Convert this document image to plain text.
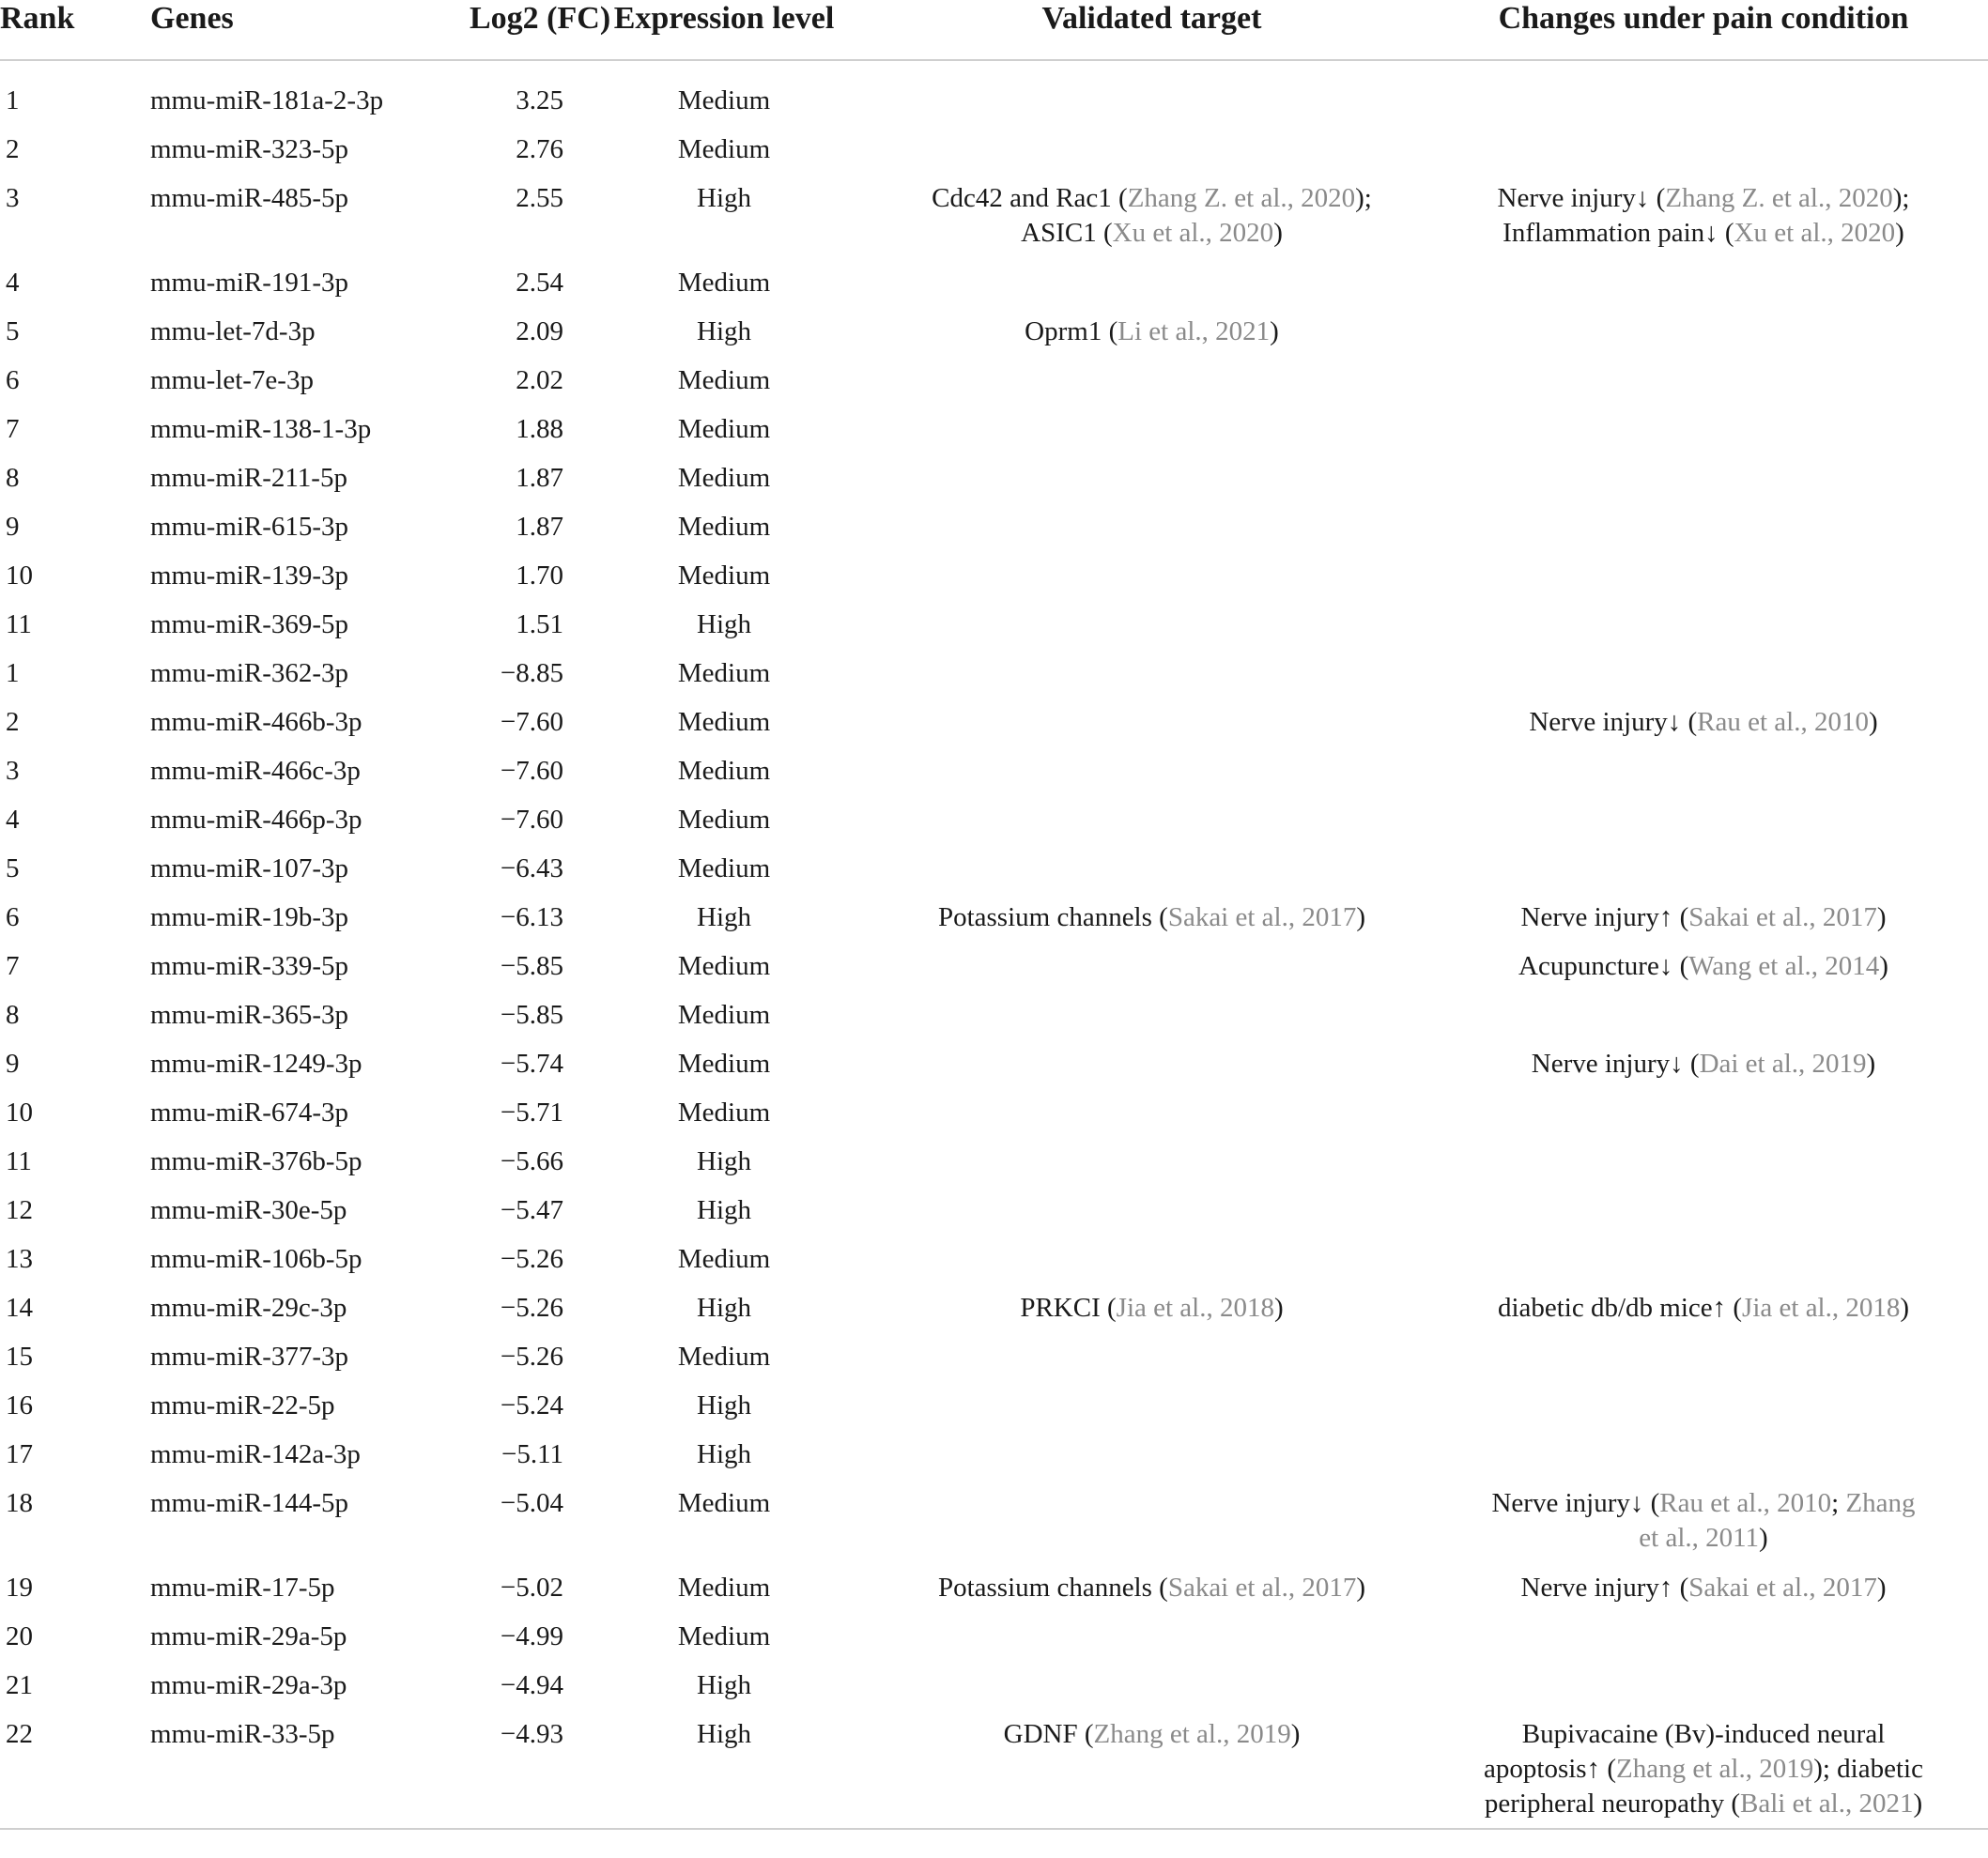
Rank	Genes	Log2 (FC)	Expression level	Validated target	Changes under pain condition
1	mmu-miR-181a-2-3p	3.25	Medium		
2	mmu-miR-323-5p	2.76	Medium		
3	mmu-miR-485-5p	2.55	High	Cdc42 and Rac1 (Zhang Z. et al., 2020);
ASIC1 (Xu et al., 2020)	Nerve injury↓ (Zhang Z. et al., 2020);
Inflammation pain↓ (Xu et al., 2020)
4	mmu-miR-191-3p	2.54	Medium		
5	mmu-let-7d-3p	2.09	High	Oprm1 (Li et al., 2021)	
6	mmu-let-7e-3p	2.02	Medium		
7	mmu-miR-138-1-3p	1.88	Medium		
8	mmu-miR-211-5p	1.87	Medium		
9	mmu-miR-615-3p	1.87	Medium		
10	mmu-miR-139-3p	1.70	Medium		
11	mmu-miR-369-5p	1.51	High		
1	mmu-miR-362-3p	−8.85	Medium		
2	mmu-miR-466b-3p	−7.60	Medium		Nerve injury↓ (Rau et al., 2010)
3	mmu-miR-466c-3p	−7.60	Medium		
4	mmu-miR-466p-3p	−7.60	Medium		
5	mmu-miR-107-3p	−6.43	Medium		
6	mmu-miR-19b-3p	−6.13	High	Potassium channels (Sakai et al., 2017)	Nerve injury↑ (Sakai et al., 2017)
7	mmu-miR-339-5p	−5.85	Medium		Acupuncture↓ (Wang et al., 2014)
8	mmu-miR-365-3p	−5.85	Medium		
9	mmu-miR-1249-3p	−5.74	Medium		Nerve injury↓ (Dai et al., 2019)
10	mmu-miR-674-3p	−5.71	Medium		
11	mmu-miR-376b-5p	−5.66	High		
12	mmu-miR-30e-5p	−5.47	High		
13	mmu-miR-106b-5p	−5.26	Medium		
14	mmu-miR-29c-3p	−5.26	High	PRKCI (Jia et al., 2018)	diabetic db/db mice↑ (Jia et al., 2018)
15	mmu-miR-377-3p	−5.26	Medium		
16	mmu-miR-22-5p	−5.24	High		
17	mmu-miR-142a-3p	−5.11	High		
18	mmu-miR-144-5p	−5.04	Medium		Nerve injury↓ (Rau et al., 2010; Zhang
et al., 2011)
19	mmu-miR-17-5p	−5.02	Medium	Potassium channels (Sakai et al., 2017)	Nerve injury↑ (Sakai et al., 2017)
20	mmu-miR-29a-5p	−4.99	Medium		
21	mmu-miR-29a-3p	−4.94	High		
22	mmu-miR-33-5p	−4.93	High	GDNF (Zhang et al., 2019)	Bupivacaine (Bv)-induced neural
apoptosis↑ (Zhang et al., 2019); diabetic
peripheral neuropathy (Bali et al., 2021)
